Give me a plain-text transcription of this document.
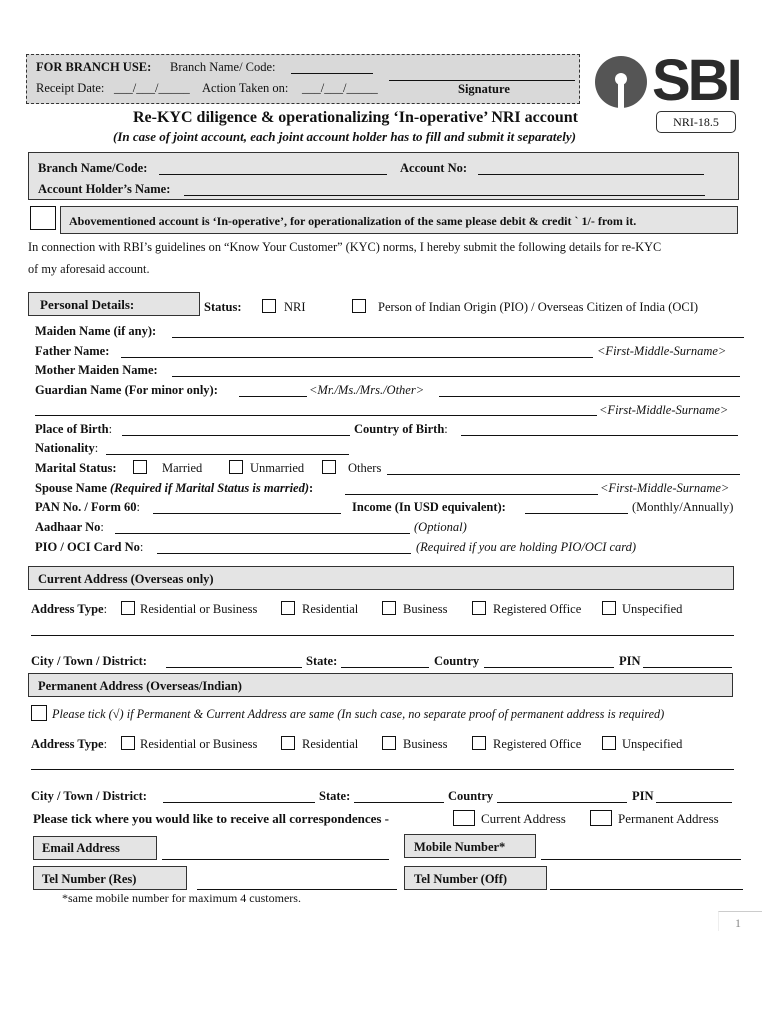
FOR BRANCH USE: Branch Name/ Code:
Receipt Date: ___/___/_____ Action Taken on: ___/___/_____	Signature SBI
Re-KYC diligence & operationalizing ‘In-operative’ NRI account
(In case of joint account, each joint account holder has to fill and submit it separately)
NRI-18.5
Branch Name/Code:	Account No:
Account Holder’s Name:
Abovementioned account is ‘In-operative’, for operationalization of the same please debit & credit ` 1/- from it.
In connection with RBI’s guidelines on “Know Your Customer” (KYC) norms, I hereby submit the following details for re-KYC
of my aforesaid account.
Personal Details:	Status:	NRI	Person of Indian Origin (PIO) / Overseas Citizen of India (OCI)
Maiden Name (if any):
Father Name:	<First-Middle-Surname>
Mother Maiden Name:
Guardian Name (For minor only):	<Mr./Ms./Mrs./Other>
<First-Middle-Surname>
Place of Birth:	Country of Birth:
Nationality:
Marital Status:	Married	Unmarried	Others
Spouse Name (Required if Marital Status is married):	<First-Middle-Surname>
PAN No. / Form 60:	Income (In USD equivalent):	(Monthly/Annually)
Aadhaar No:	(Optional)
PIO / OCI Card No:	(Required if you are holding PIO/OCI card)
Current Address (Overseas only)
Address Type:	Residential or Business	Residential	Business	Registered Office	Unspecified
City / Town / District:	State:	Country	PIN
Permanent Address (Overseas/Indian)
Please tick (√) if Permanent & Current Address are same (In such case, no separate proof of permanent address is required)
Address Type:	Residential or Business	Residential	Business	Registered Office	Unspecified
City / Town / District:	State:	Country	PIN
Please tick where you would like to receive all correspondences -	Current Address	Permanent Address
Email Address	Mobile Number*
Tel Number (Res)	Tel Number (Off)
*same mobile number for maximum 4 customers.
1
